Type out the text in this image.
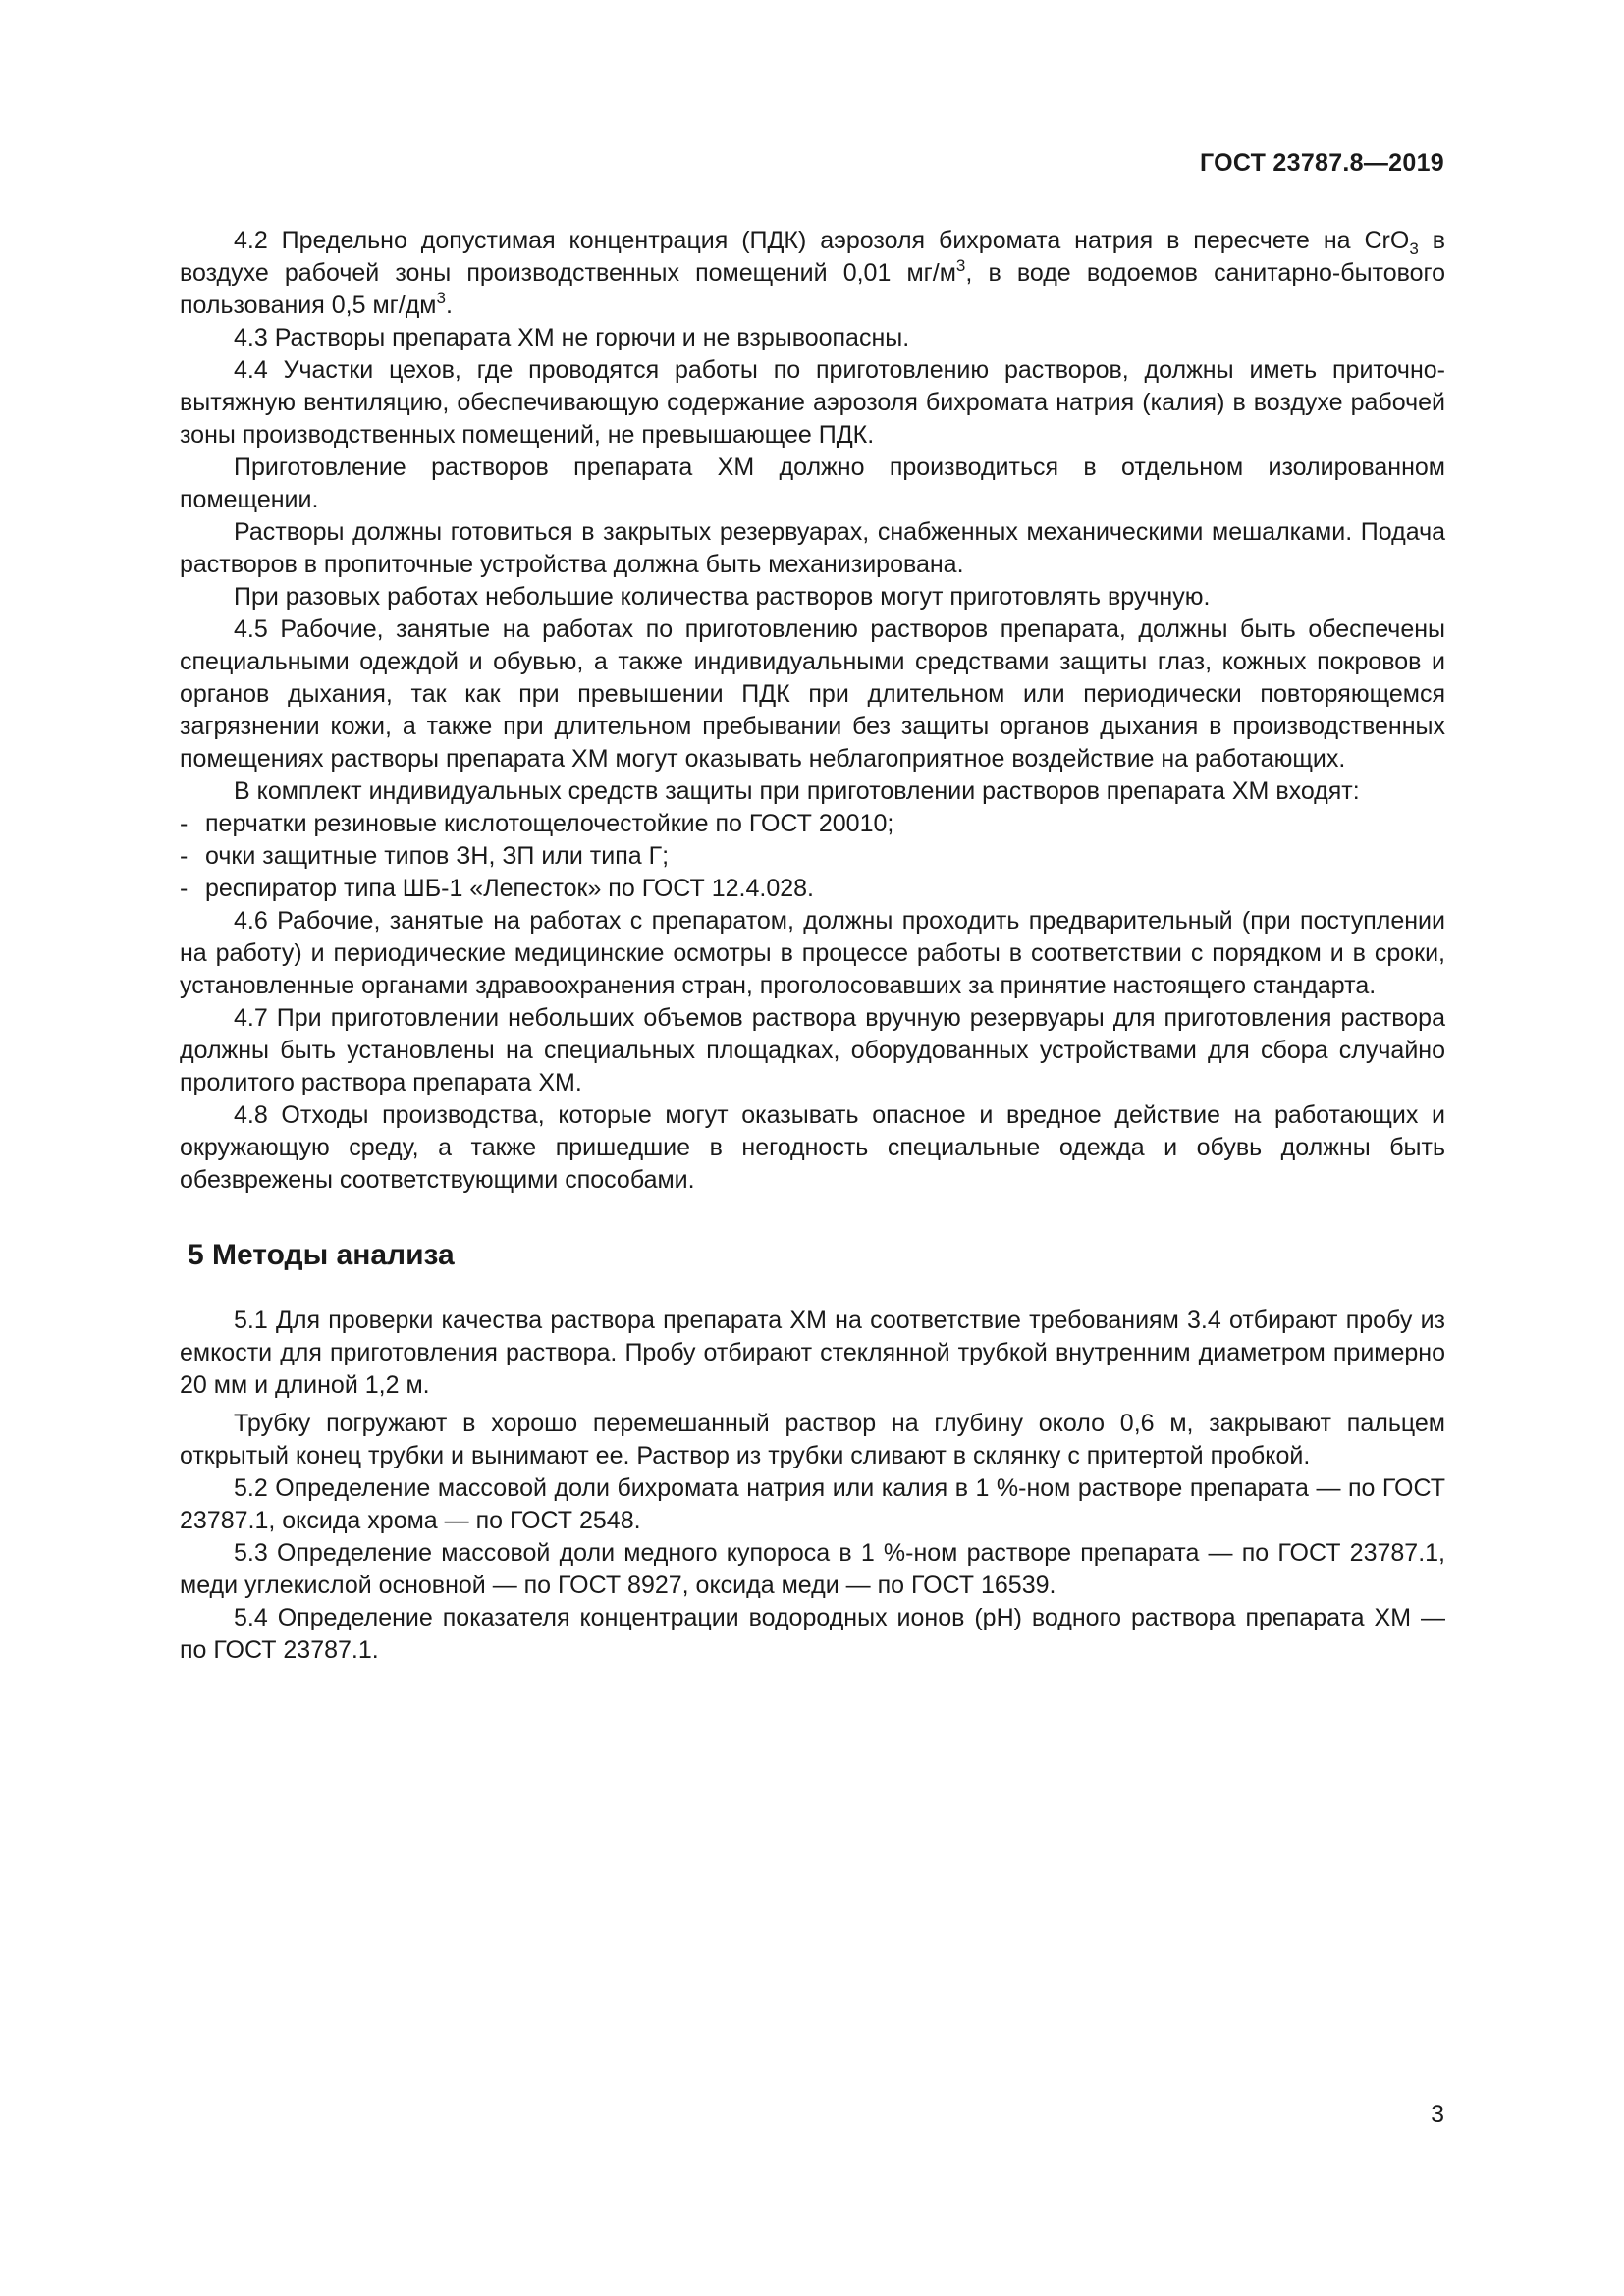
ГОСТ 23787.8—2019

4.2 Предельно допустимая концентрация (ПДК) аэрозоля бихромата натрия в пересчете на CrO$_3$ в воздухе рабочей зоны производственных помещений 0,01 $мг/м^3$, в воде водоемов санитарно-бытового пользования 0,5 $мг/дм^3$.

4.3 Растворы препарата ХМ не горючи и не взрывоопасны.

4.4 Участки цехов, где проводятся работы по приготовлению растворов, должны иметь приточно-вытяжную вентиляцию, обеспечивающую содержание аэрозоля бихромата натрия (калия) в воздухе рабочей зоны производственных помещений, не превышающее ПДК.

Приготовление растворов препарата ХМ должно производиться в отдельном изолированном помещении.

Растворы должны готовиться в закрытых резервуарах, снабженных механическими мешалками. Подача растворов в пропиточные устройства должна быть механизирована.

При разовых работах небольшие количества растворов могут приготовлять вручную.

4.5 Рабочие, занятые на работах по приготовлению растворов препарата, должны быть обеспечены специальными одеждой и обувью, а также индивидуальными средствами защиты глаз, кожных покровов и органов дыхания, так как при превышении ПДК при длительном или периодически повторяющемся загрязнении кожи, а также при длительном пребывании без защиты органов дыхания в производственных помещениях растворы препарата ХМ могут оказывать неблагоприятное воздействие на работающих.

В комплект индивидуальных средств защиты при приготовлении растворов препарата ХМ входят:

- перчатки резиновые кислотощелочестойкие по ГОСТ 20010;
- очки защитные типов ЗН, ЗП или типа Г;
- респиратор типа ШБ-1 «Лепесток» по ГОСТ 12.4.028.

4.6 Рабочие, занятые на работах с препаратом, должны проходить предварительный (при поступлении на работу) и периодические медицинские осмотры в процессе работы в соответствии с порядком и в сроки, установленные органами здравоохранения стран, проголосовавших за принятие настоящего стандарта.

4.7 При приготовлении небольших объемов раствора вручную резервуары для приготовления раствора должны быть установлены на специальных площадках, оборудованных устройствами для сбора случайно пролитого раствора препарата ХМ.

4.8 Отходы производства, которые могут оказывать опасное и вредное действие на работающих и окружающую среду, а также пришедшие в негодность специальные одежда и обувь должны быть обезврежены соответствующими способами.

5 Методы анализа

5.1 Для проверки качества раствора препарата ХМ на соответствие требованиям 3.4 отбирают пробу из емкости для приготовления раствора. Пробу отбирают стеклянной трубкой внутренним диаметром примерно 20 мм и длиной 1,2 м.

Трубку погружают в хорошо перемешанный раствор на глубину около 0,6 м, закрывают пальцем открытый конец трубки и вынимают ее. Раствор из трубки сливают в склянку с притертой пробкой.

5.2 Определение массовой доли бихромата натрия или калия в 1 %-ном растворе препарата — по ГОСТ 23787.1, оксида хрома — по ГОСТ 2548.

5.3 Определение массовой доли медного купороса в 1 %-ном растворе препарата — по ГОСТ 23787.1, меди углекислой основной — по ГОСТ 8927, оксида меди — по ГОСТ 16539.

5.4 Определение показателя концентрации водородных ионов (pH) водного раствора препарата ХМ — по ГОСТ 23787.1.

3
